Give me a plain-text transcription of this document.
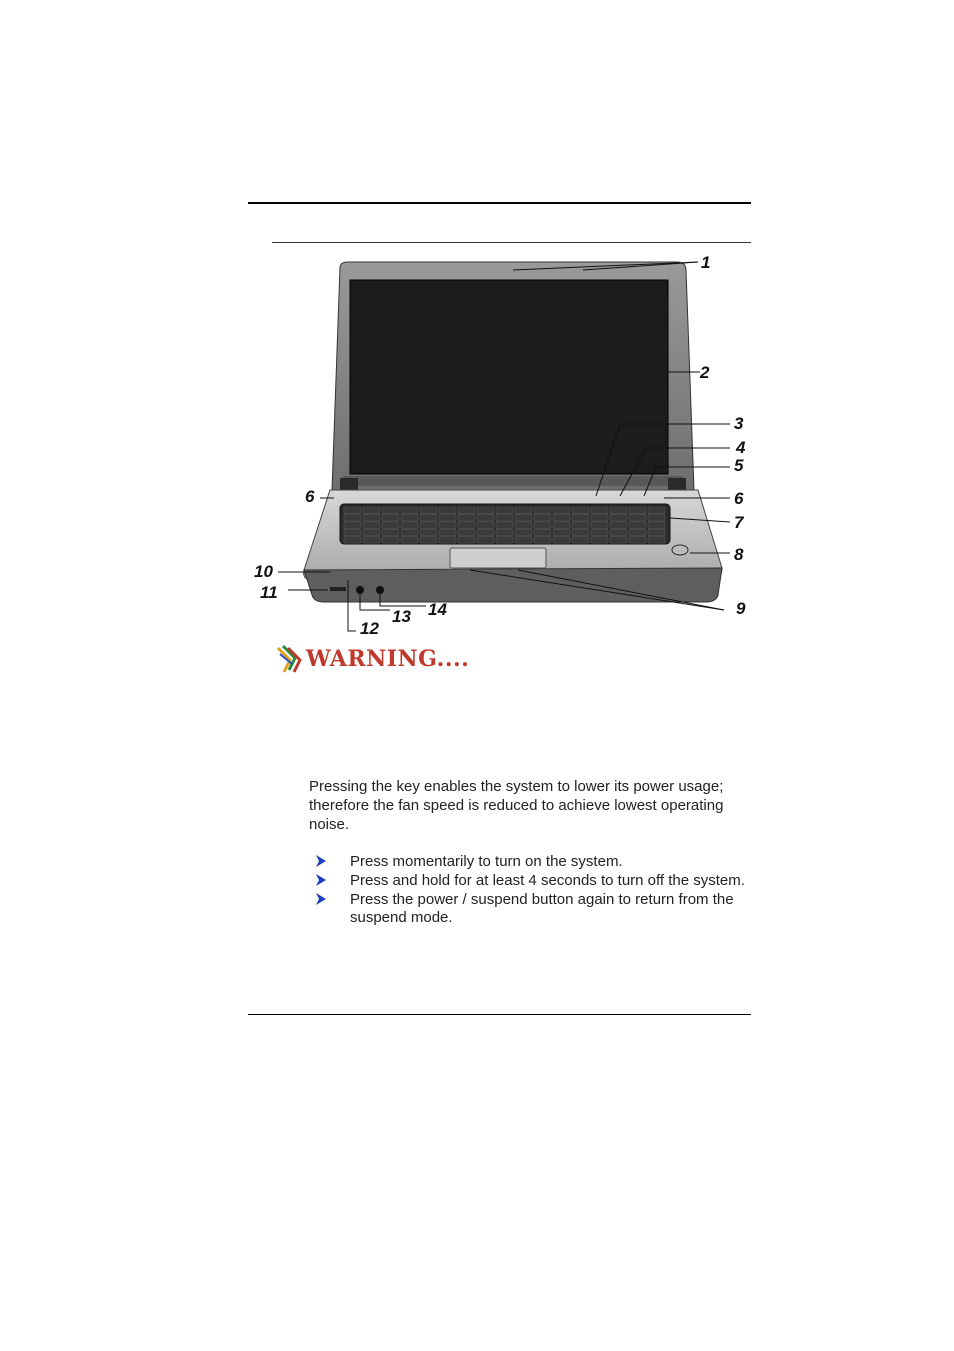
1
2
3
4
5
6	6
7
8
9
10
11
12
13 14
WARNING....
Pressing the key enables the system to lower its power usage; therefore the fan speed is reduced to achieve lowest operating noise.
Press momentarily to turn on the system.
Press and hold for at least 4 seconds to turn off the system.
Press the power / suspend button again to return from the suspend mode.
